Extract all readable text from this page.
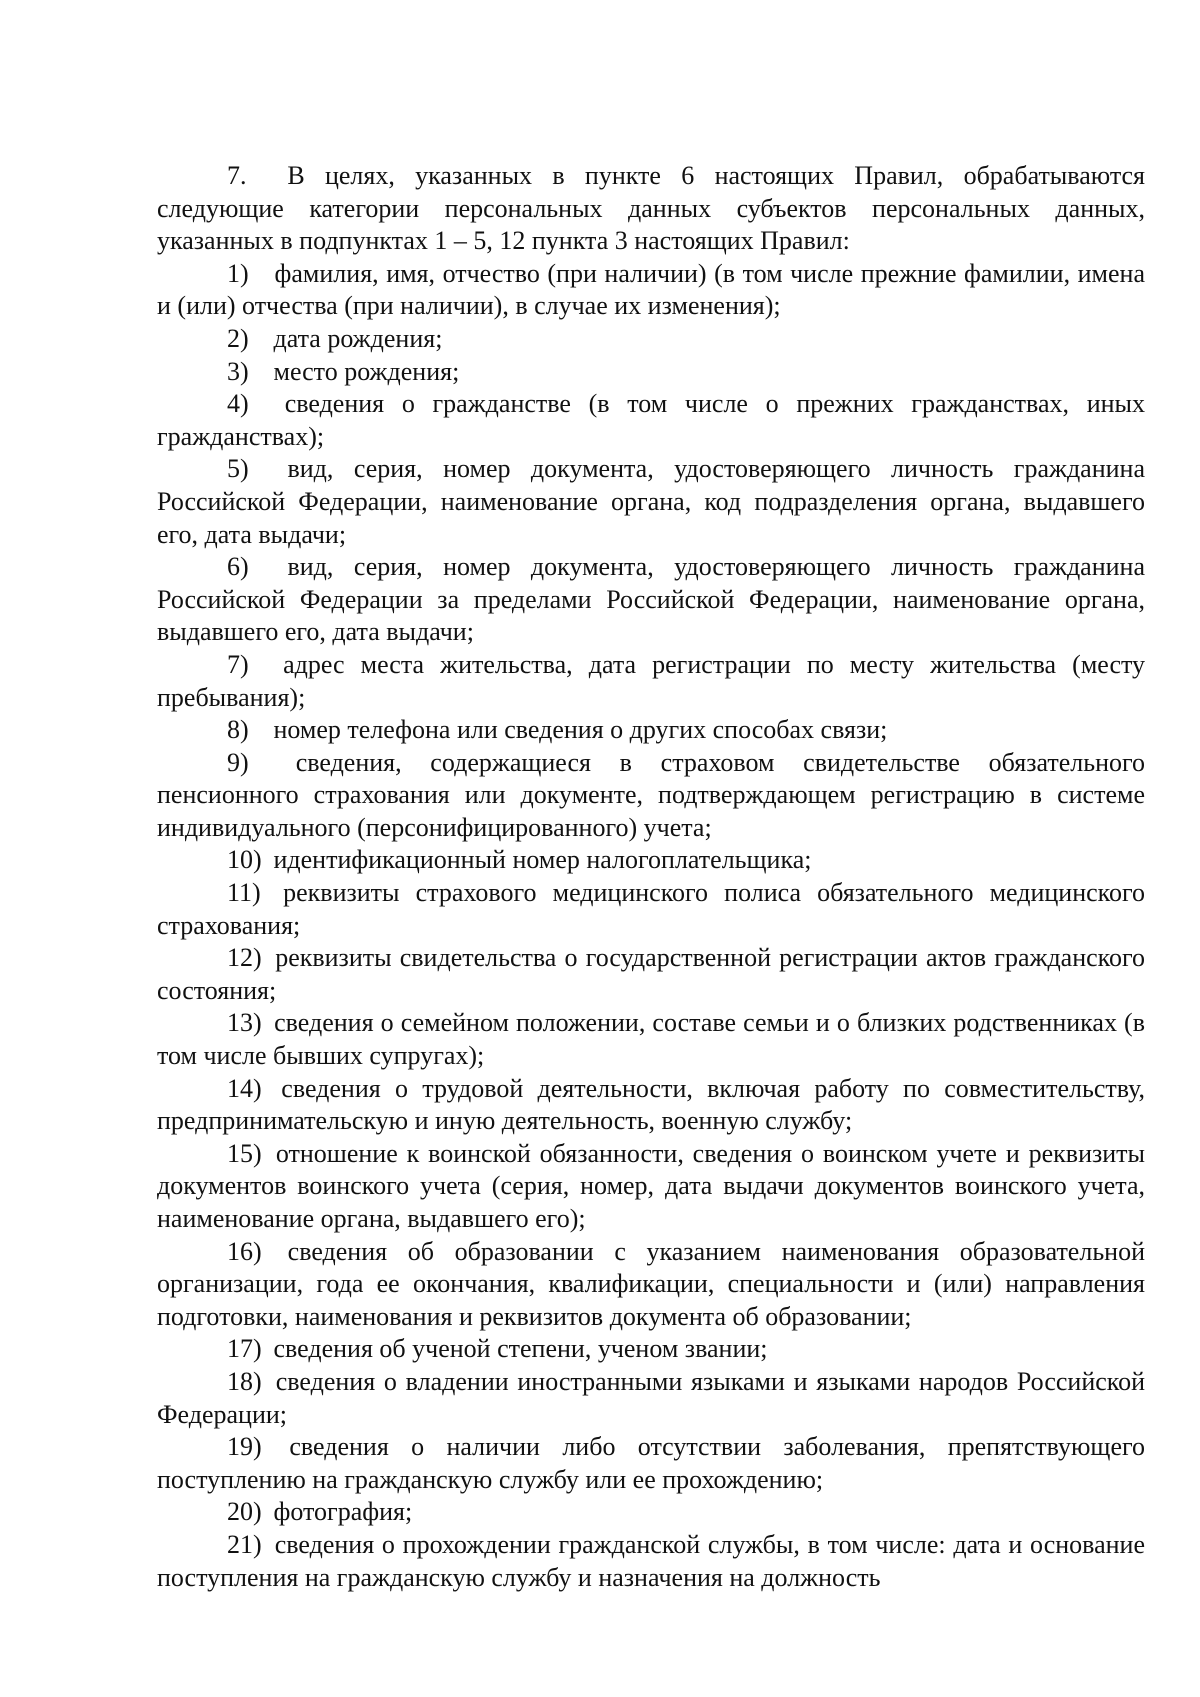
7. В целях, указанных в пункте 6 настоящих Правил, обрабатываются следующие категории персональных данных субъектов персональных данных, указанных в подпунктах 1 – 5, 12 пункта 3 настоящих Правил:

1) фамилия, имя, отчество (при наличии) (в том числе прежние фамилии, имена и (или) отчества (при наличии), в случае их изменения);

2) дата рождения;

3) место рождения;

4) сведения о гражданстве (в том числе о прежних гражданствах, иных гражданствах);

5) вид, серия, номер документа, удостоверяющего личность гражданина Российской Федерации, наименование органа, код подразделения органа, выдавшего его, дата выдачи;

6) вид, серия, номер документа, удостоверяющего личность гражданина Российской Федерации за пределами Российской Федерации, наименование органа, выдавшего его, дата выдачи;

7) адрес места жительства, дата регистрации по месту жительства (месту пребывания);

8) номер телефона или сведения о других способах связи;

9) сведения, содержащиеся в страховом свидетельстве обязательного пенсионного страхования или документе, подтверждающем регистрацию в системе индивидуального (персонифицированного) учета;

10) идентификационный номер налогоплательщика;

11) реквизиты страхового медицинского полиса обязательного медицинского страхования;

12) реквизиты свидетельства о государственной регистрации актов гражданского состояния;

13) сведения о семейном положении, составе семьи и о близких родственниках (в том числе бывших супругах);

14) сведения о трудовой деятельности, включая работу по совместительству, предпринимательскую и иную деятельность, военную службу;

15) отношение к воинской обязанности, сведения о воинском учете и реквизиты документов воинского учета (серия, номер, дата выдачи документов воинского учета, наименование органа, выдавшего его);

16) сведения об образовании с указанием наименования образовательной организации, года ее окончания, квалификации, специальности и (или) направления подготовки, наименования и реквизитов документа об образовании;

17) сведения об ученой степени, ученом звании;

18) сведения о владении иностранными языками и языками народов Российской Федерации;

19) сведения о наличии либо отсутствии заболевания, препятствующего поступлению на гражданскую службу или ее прохождению;

20) фотография;

21) сведения о прохождении гражданской службы, в том числе: дата и основание поступления на гражданскую службу и назначения на должность
